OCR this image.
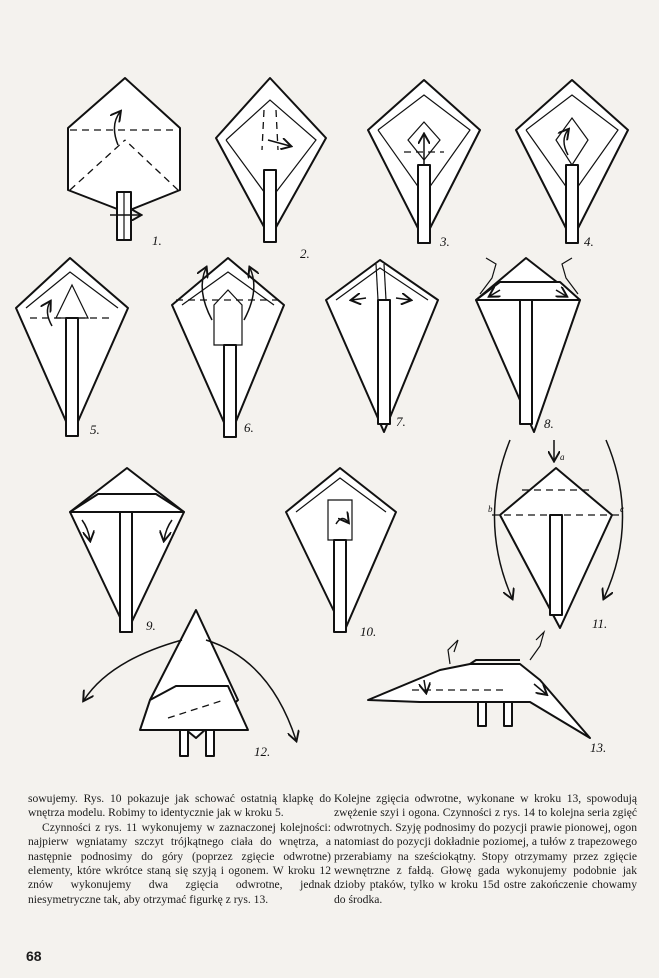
1.
2.
3.	4.
5.	6.	7.	8.
9.	10.
a
b	c
11.
12.	13.

sowujemy. Rys. 10 pokazuje jak schować ostatnią klapkę do wnętrza modelu. Robimy to identycznie jak w kroku 5.

Czynności z rys. 11 wykonujemy w zaznaczonej kolejności: najpierw wgniatamy szczyt trójkątnego ciała do wnętrza, a następnie podnosimy do góry (poprzez zgięcie odwrotne) elementy, które wkrótce staną się szyją i ogonem. W kroku 12 znów wykonujemy dwa zgięcia odwrotne, jednak niesymetryczne tak, aby otrzymać figurkę z rys. 13.

Kolejne zgięcia odwrotne, wykonane w kroku 13, spowodują zwężenie szyi i ogona. Czynności z rys. 14 to kolejna seria zgięć odwrotnych. Szyję podnosimy do pozycji prawie pionowej, ogon natomiast do pozycji dokładnie poziomej, a tułów z trapezowego przerabiamy na sześciokątny. Stopy otrzymamy przez zgięcie wewnętrzne z fałdą. Głowę gada wykonujemy podobnie jak dzioby ptaków, tylko w kroku 15d ostre zakończenie chowamy do środka.

68
